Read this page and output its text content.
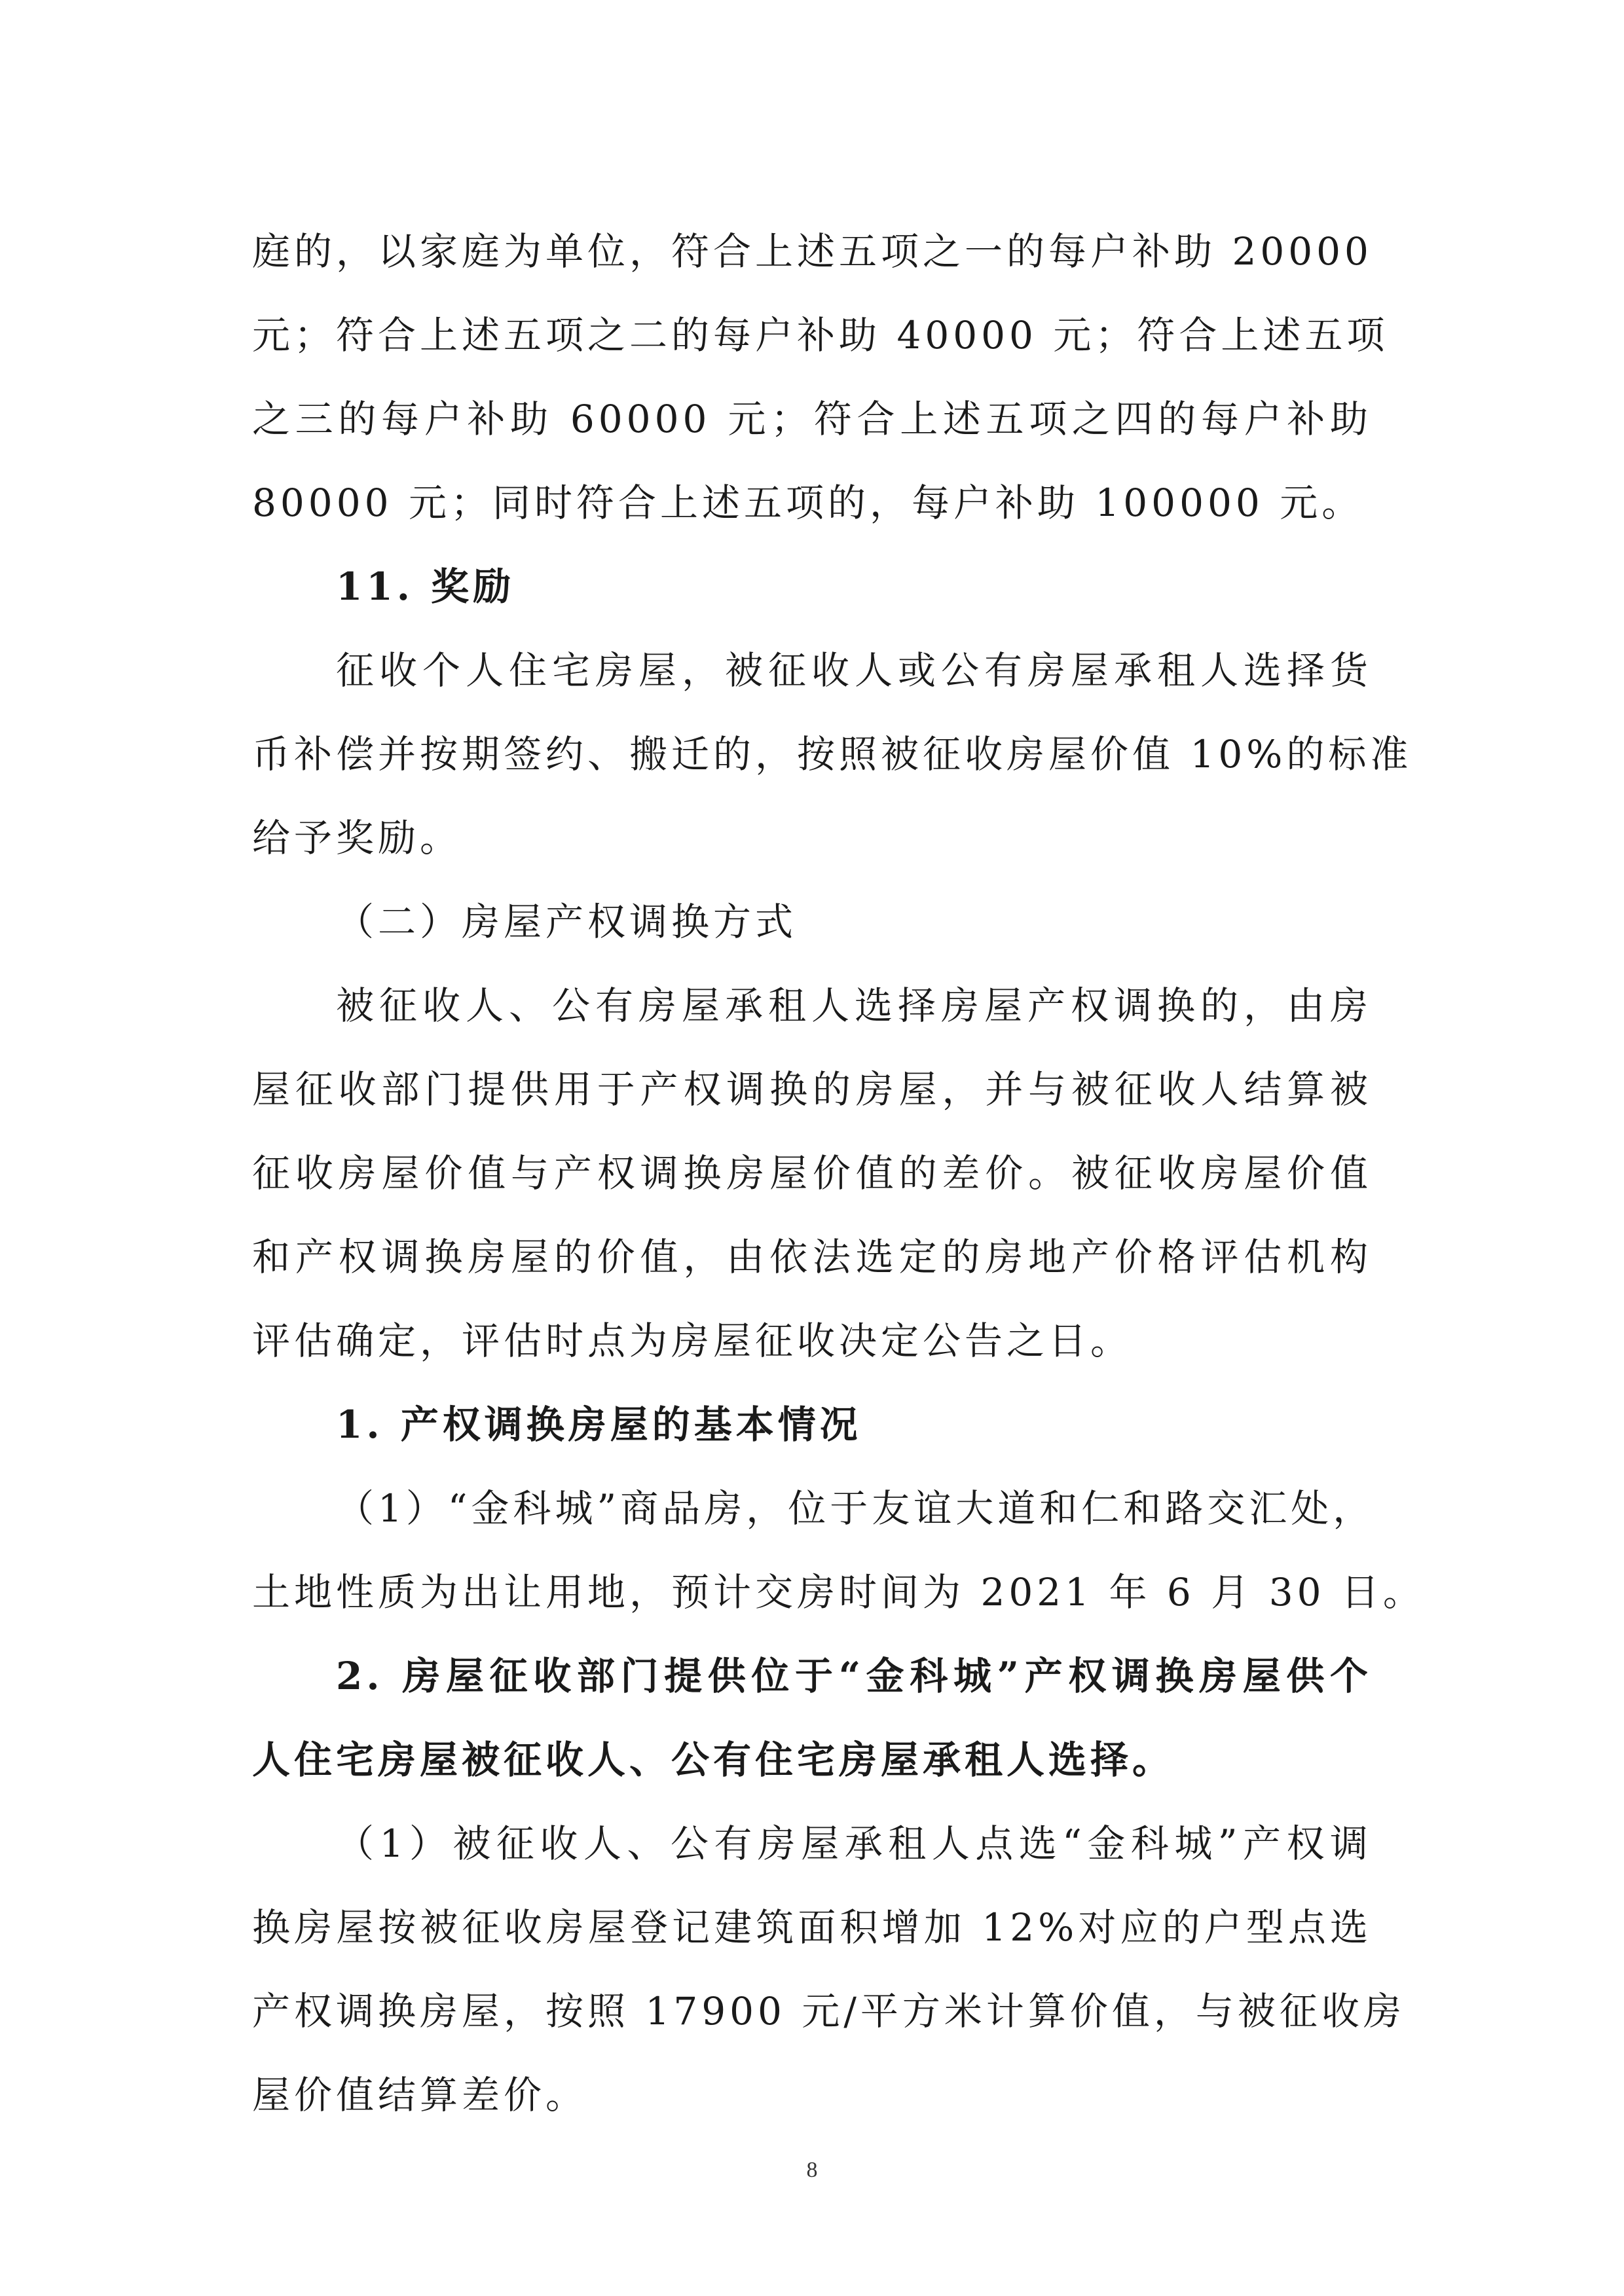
庭的，以家庭为单位，符合上述五项之一的每户补助 20000

元；符合上述五项之二的每户补助 40000 元；符合上述五项

之三的每户补助 60000 元；符合上述五项之四的每户补助

80000 元；同时符合上述五项的，每户补助 100000 元。

11. 奖励

征收个人住宅房屋，被征收人或公有房屋承租人选择货

币补偿并按期签约、搬迁的，按照被征收房屋价值 10%的标准

给予奖励。

（二）房屋产权调换方式

被征收人、公有房屋承租人选择房屋产权调换的，由房

屋征收部门提供用于产权调换的房屋，并与被征收人结算被

征收房屋价值与产权调换房屋价值的差价。被征收房屋价值

和产权调换房屋的价值，由依法选定的房地产价格评估机构

评估确定，评估时点为房屋征收决定公告之日。

1. 产权调换房屋的基本情况

（1）“金科城”商品房，位于友谊大道和仁和路交汇处，

土地性质为出让用地，预计交房时间为 2021 年 6 月 30 日。

2. 房屋征收部门提供位于“金科城”产权调换房屋供个

人住宅房屋被征收人、公有住宅房屋承租人选择。

（1）被征收人、公有房屋承租人点选“金科城”产权调

换房屋按被征收房屋登记建筑面积增加 12%对应的户型点选

产权调换房屋，按照 17900 元/平方米计算价值，与被征收房

屋价值结算差价。

8
